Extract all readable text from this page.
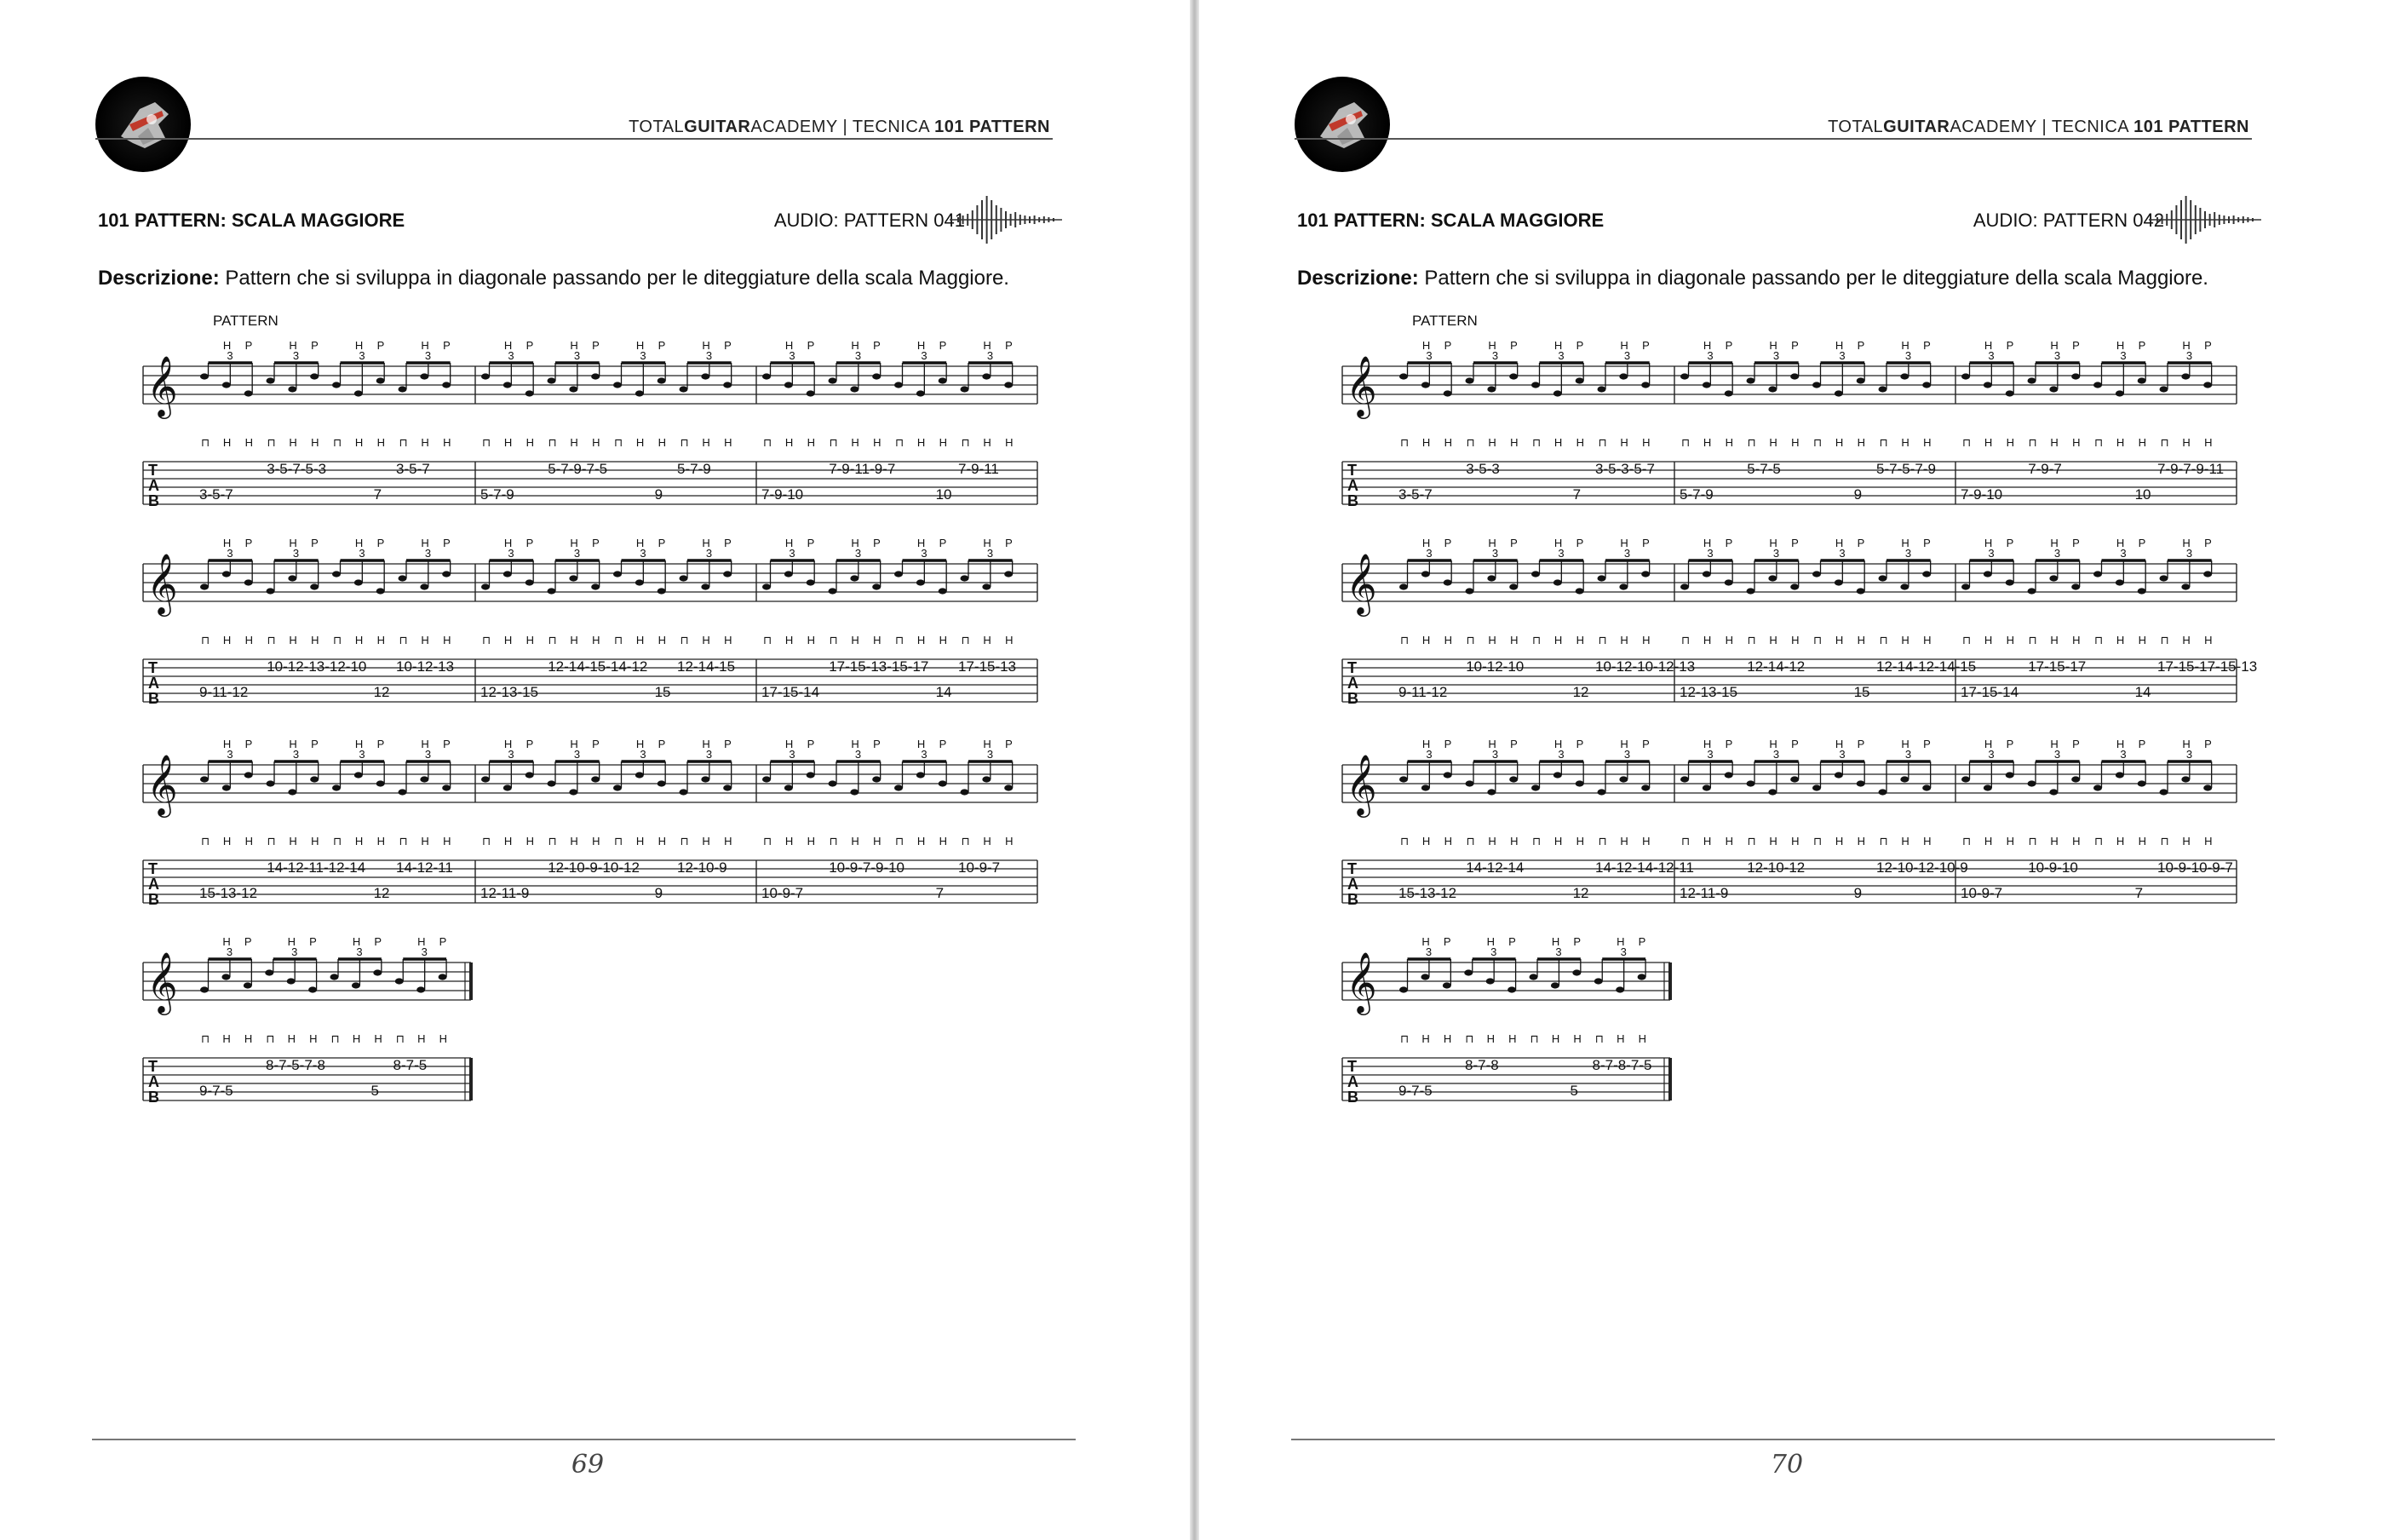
TOTALGUITARACADEMY | TECNICA 101 PATTERN
101 PATTERN: SCALA MAGGIORE	AUDIO: PATTERN 041
Descrizione: Pattern che si sviluppa in diagonale passando per le diteggiature della scala Maggiore.
PATTERN
𝄞
T
A
B
⊓
H
H
P
H ⊓
H
H
P
H ⊓
H
H
P
H ⊓
H
H
P
H
3	3	3	3
3-5-7
3-5-7-5-3
7
3-5-7
⊓
H
H
P
H ⊓
H
H
P
H ⊓
H
H
P
H ⊓
H
H
P
H
3	3	3	3
5-7-9
5-7-9-7-5
9
5-7-9
⊓
H
H
P
H ⊓
H
H
P
H ⊓
H
H
P
H ⊓
H
H
P
H
3	3	3	3
7-9-10
7-9-11-9-7
10
7-9-11
𝄞
T
A
B
⊓
H
H
P
H ⊓
H
H
P
H ⊓
H
H
P
H ⊓
H
H
P
H
3	3	3	3
9-11-12
10-12-13-12-10
12
10-12-13
⊓
H
H
P
H ⊓
H
H
P
H ⊓
H
H
P
H ⊓
H
H
P
H
3	3	3	3
12-13-15
12-14-15-14-12
15
12-14-15
⊓
H
H
P
H ⊓
H
H
P
H ⊓
H
H
P
H ⊓
H
H
P
H
3	3	3	3
17-15-14
17-15-13-15-17
14
17-15-13
𝄞
T
A
B
⊓
H
H
P
H ⊓
H
H
P
H ⊓
H
H
P
H ⊓
H
H
P
H
3	3	3	3
15-13-12
14-12-11-12-14
12
14-12-11
⊓
H
H
P
H ⊓
H
H
P
H ⊓
H
H
P
H ⊓
H
H
P
H
3	3	3	3
12-11-9
12-10-9-10-12
9
12-10-9
⊓
H
H
P
H ⊓
H
H
P
H ⊓
H
H
P
H ⊓
H
H
P
H
3	3	3	3
10-9-7
10-9-7-9-10
7
10-9-7
𝄞
T
A
B
⊓
H
H
P
H ⊓
H
H
P
H ⊓
H
H
P
H ⊓
H
H
P
H
3	3	3	3
9-7-5
8-7-5-7-8
5
8-7-5
69
TOTALGUITARACADEMY | TECNICA 101 PATTERN
101 PATTERN: SCALA MAGGIORE	AUDIO: PATTERN 042
Descrizione: Pattern che si sviluppa in diagonale passando per le diteggiature della scala Maggiore.
PATTERN
𝄞
T
A
B
⊓
H
H
P
H ⊓
H
H
P
H ⊓
H
H
P
H ⊓
H
H
P
H
3	3	3	3
3-5-7
3-5-3
7
3-5-3-5-7
⊓
H
H
P
H ⊓
H
H
P
H ⊓
H
H
P
H ⊓
H
H
P
H
3	3	3	3
5-7-9
5-7-5
9
5-7-5-7-9
⊓
H
H
P
H ⊓
H
H
P
H ⊓
H
H
P
H ⊓
H
H
P
H
3	3	3	3
7-9-10
7-9-7
10
7-9-7-9-11
𝄞
T
A
B
⊓
H
H
P
H ⊓
H
H
P
H ⊓
H
H
P
H ⊓
H
H
P
H
3	3	3	3
9-11-12
10-12-10
12
10-12-10-12-13
⊓
H
H
P
H ⊓
H
H
P
H ⊓
H
H
P
H ⊓
H
H
P
H
3	3	3	3
12-13-15
12-14-12
15
12-14-12-14-15
⊓
H
H
P
H ⊓
H
H
P
H ⊓
H
H
P
H ⊓
H
H
P
H
3	3	3	3
17-15-14
17-15-17
14
17-15-17-15-13
𝄞
T
A
B
⊓
H
H
P
H ⊓
H
H
P
H ⊓
H
H
P
H ⊓
H
H
P
H
3	3	3	3
15-13-12
14-12-14
12
14-12-14-12-11
⊓
H
H
P
H ⊓
H
H
P
H ⊓
H
H
P
H ⊓
H
H
P
H
3	3	3	3
12-11-9
12-10-12
9
12-10-12-10-9
⊓
H
H
P
H ⊓
H
H
P
H ⊓
H
H
P
H ⊓
H
H
P
H
3	3	3	3
10-9-7
10-9-10
7
10-9-10-9-7
𝄞
T
A
B
⊓
H
H
P
H ⊓
H
H
P
H ⊓
H
H
P
H ⊓
H
H
P
H
3	3	3	3
9-7-5
8-7-8
5
8-7-8-7-5
70
